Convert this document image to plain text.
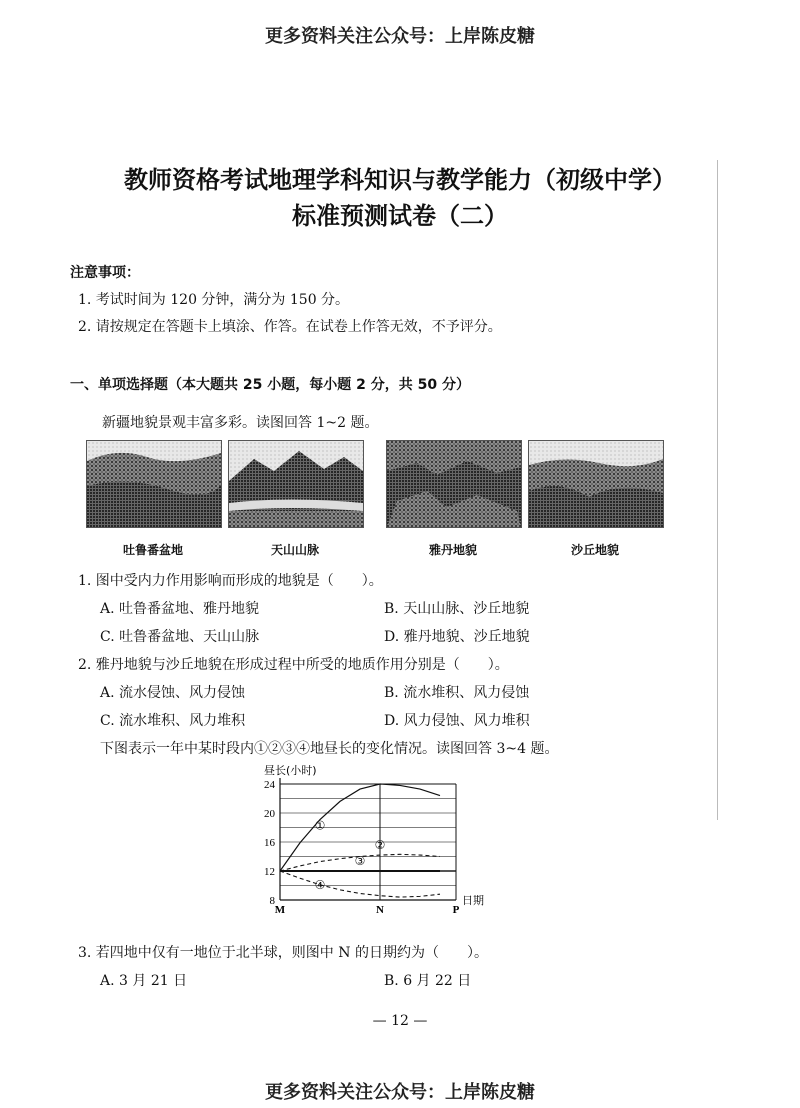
更多资料关注公众号：上岸陈皮糖
教师资格考试地理学科知识与教学能力（初级中学）
标准预测试卷（二）
注意事项：
1. 考试时间为 120 分钟，满分为 150 分。
2. 请按规定在答题卡上填涂、作答。在试卷上作答无效，不予评分。
一、单项选择题（本大题共 25 小题，每小题 2 分，共 50 分）
新疆地貌景观丰富多彩。读图回答 1~2 题。
吐鲁番盆地	天山山脉	雅丹地貌	沙丘地貌
1. 图中受内力作用影响而形成的地貌是（　　）。
A. 吐鲁番盆地、雅丹地貌	B. 天山山脉、沙丘地貌
C. 吐鲁番盆地、天山山脉	D. 雅丹地貌、沙丘地貌
2. 雅丹地貌与沙丘地貌在形成过程中所受的地质作用分别是（　　）。
A. 流水侵蚀、风力侵蚀	B. 流水堆积、风力侵蚀
C. 流水堆积、风力堆积	D. 风力侵蚀、风力堆积
下图表示一年中某时段内①②③④地昼长的变化情况。读图回答 3~4 题。
24
20
16
12
8
M	N	P
昼长(小时)
日期
①
②
③
④
3. 若四地中仅有一地位于北半球，则图中 N 的日期约为（　　）。
A. 3 月 21 日	B. 6 月 22 日
— 12 —
更多资料关注公众号：上岸陈皮糖
